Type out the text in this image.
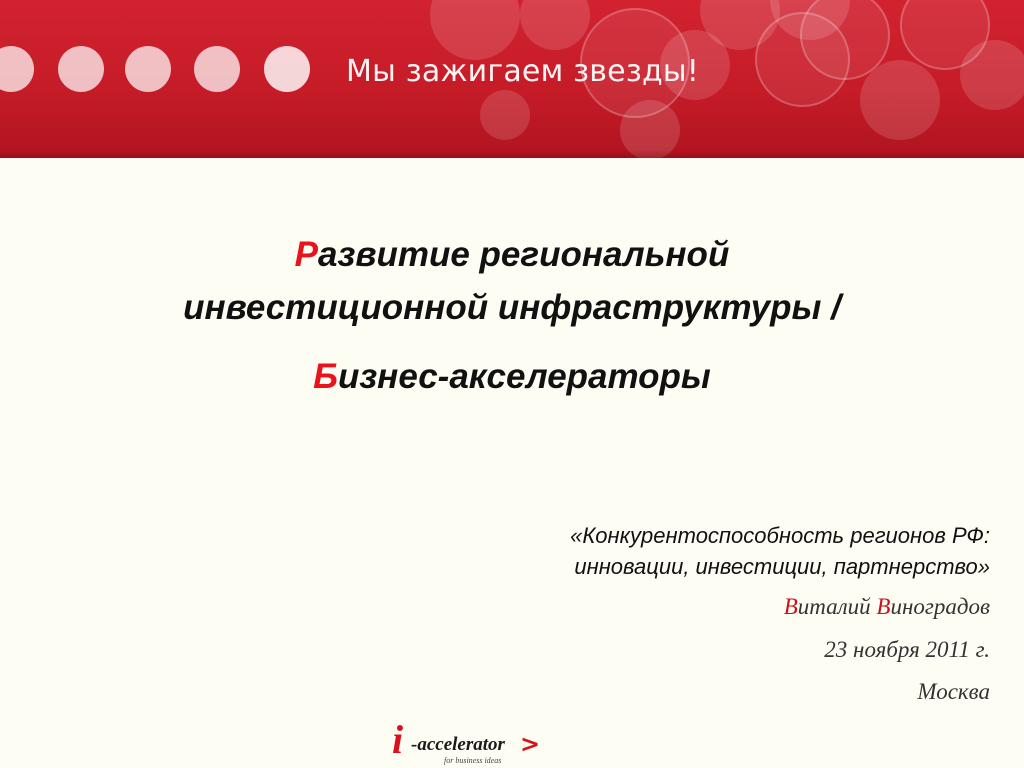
Мы зажигаем звезды!
Развитие региональной инвестиционной инфраструктуры /
Бизнес-акселераторы
«Конкурентоспособность регионов РФ:
инновации, инвестиции, партнерство»
Виталий Виноградов
23 ноября 2011 г.
Москва
i -accelerator >
for business ideas
